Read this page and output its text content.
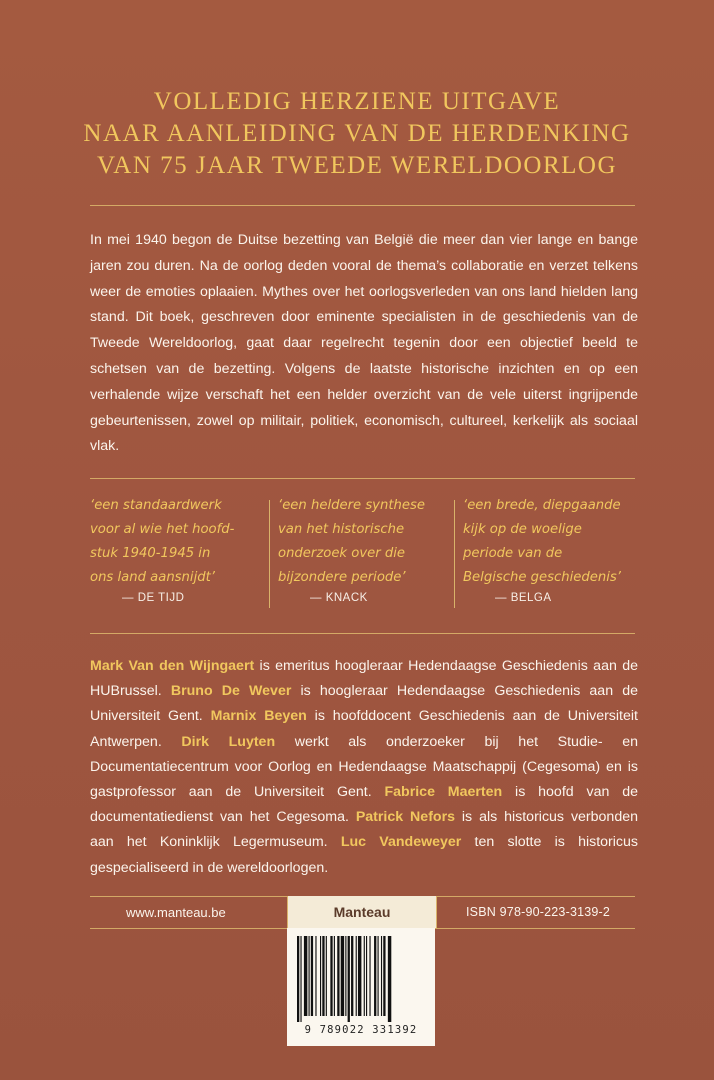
VOLLEDIG HERZIENE UITGAVE
NAAR AANLEIDING VAN DE HERDENKING
VAN 75 JAAR TWEEDE WERELDOORLOG
In mei 1940 begon de Duitse bezetting van België die meer dan vier lange en bange jaren zou duren. Na de oorlog deden vooral de thema’s collaboratie en verzet telkens weer de emoties oplaaien. Mythes over het oorlogsverleden van ons land hielden lang stand. Dit boek, geschreven door eminente specialisten in de geschiedenis van de Tweede Wereldoorlog, gaat daar regelrecht tegenin door een objectief beeld te schetsen van de bezetting. Volgens de laatste historische inzichten en op een verhalende wijze verschaft het een helder overzicht van de vele uiterst ingrijpende gebeurtenissen, zowel op militair, politiek, economisch, cultureel, kerkelijk als sociaal vlak.
‘een standaardwerk
voor al wie het hoofd-
stuk 1940-1945 in
ons land aansnijdt’
— DE TIJD
‘een heldere synthese
van het historische
onderzoek over die
bijzondere periode’
— KNACK
‘een brede, diepgaande
kijk op de woelige
periode van de
Belgische geschiedenis’
— BELGA
Mark Van den Wijngaert is emeritus hoogleraar Hedendaagse Geschiedenis aan de HUBrussel. Bruno De Wever is hoogleraar Hedendaagse Geschiedenis aan de Universiteit Gent. Marnix Beyen is hoofddocent Geschiedenis aan de Universiteit Antwerpen. Dirk Luyten werkt als onderzoeker bij het Studie- en Documentatiecentrum voor Oorlog en Hedendaagse Maatschappij (Cegesoma) en is gastprofessor aan de Universiteit Gent. Fabrice Maerten is hoofd van de documentatiedienst van het Cegesoma. Patrick Nefors is als historicus verbonden aan het Koninklijk Legermuseum. Luc Vandeweyer ten slotte is historicus gespecialiseerd in de wereldoorlogen.
www.manteau.be	Manteau	ISBN 978-90-223-3139-2
9 789022 331392
